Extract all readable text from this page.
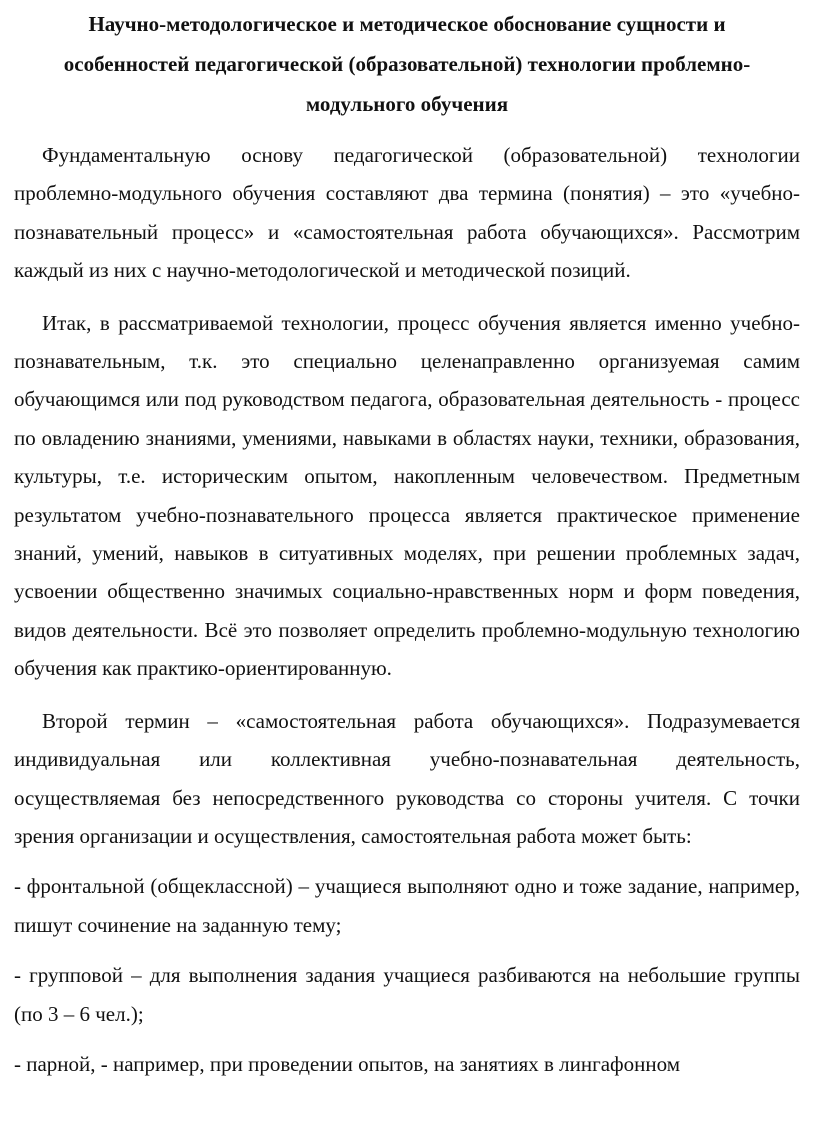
Научно-методологическое и методическое обоснование сущности и особенностей педагогической (образовательной) технологии проблемно-модульного обучения

Фундаментальную основу педагогической (образовательной) технологии проблемно-модульного обучения составляют два термина (понятия) – это «учебно-познавательный процесс» и «самостоятельная работа обучающихся». Рассмотрим каждый из них с научно-методологической и методической позиций.

Итак, в рассматриваемой технологии, процесс обучения является именно учебно-познавательным, т.к. это специально целенаправленно организуемая самим обучающимся или под руководством педагога, образовательная деятельность - процесс по овладению знаниями, умениями, навыками в областях науки, техники, образования, культуры, т.е. историческим опытом, накопленным человечеством. Предметным результатом учебно-познавательного процесса является практическое применение знаний, умений, навыков в ситуативных моделях, при решении проблемных задач, усвоении общественно значимых социально-нравственных норм и форм поведения, видов деятельности. Всё это позволяет определить проблемно-модульную технологию обучения как практико-ориентированную.

Второй термин – «самостоятельная работа обучающихся». Подразумевается индивидуальная или коллективная учебно-познавательная деятельность, осуществляемая без непосредственного руководства со стороны учителя. С точки зрения организации и осуществления, самостоятельная работа может быть:

- фронтальной (общеклассной) – учащиеся выполняют одно и тоже задание, например, пишут сочинение на заданную тему;

- групповой – для выполнения задания учащиеся разбиваются на небольшие группы (по 3 – 6 чел.);

- парной, - например, при проведении опытов, на занятиях в лингафонном
